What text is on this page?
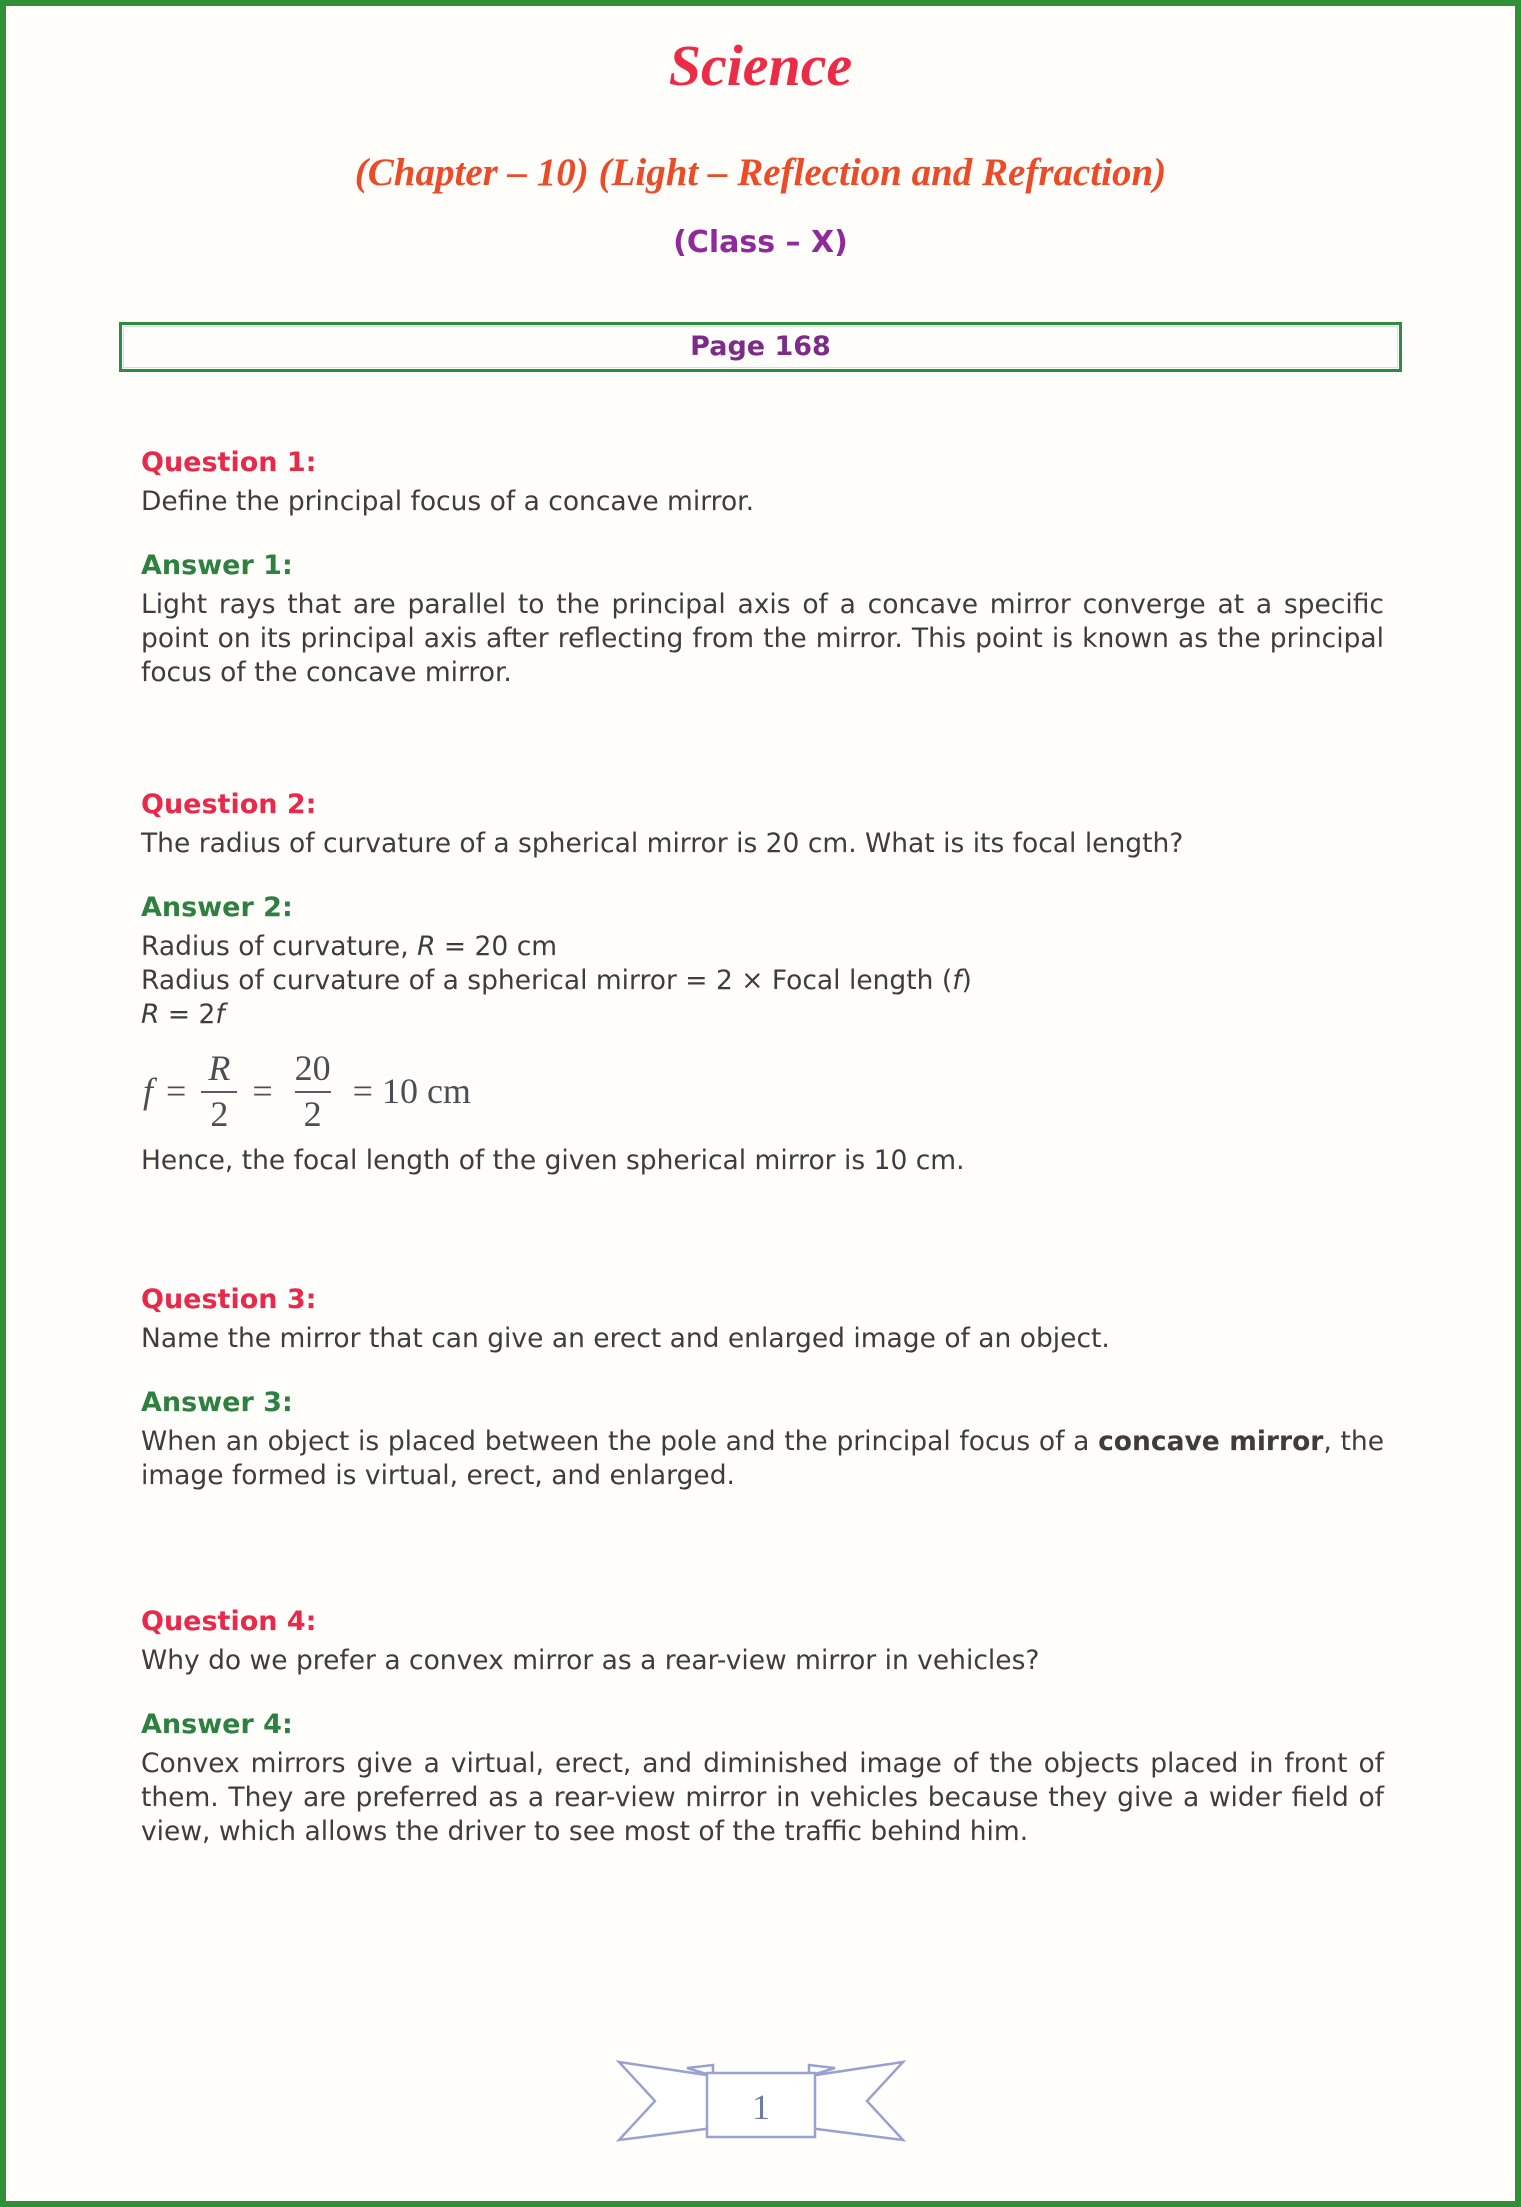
Science
(Chapter – 10) (Light – Reflection and Refraction)
(Class – X)
Page 168

Question 1:

Define the principal focus of a concave mirror.

Answer 1:

Light rays that are parallel to the principal axis of a concave mirror converge at a specific point on its principal axis after reflecting from the mirror. This point is known as the principal focus of the concave mirror.

Question 2:

The radius of curvature of a spherical mirror is 20 cm. What is its focal length?

Answer 2:

Radius of curvature, R = 20 cm

Radius of curvature of a spherical mirror = 2 × Focal length (f)

R = 2f

$f = \frac{R}{2} = \frac{20}{2} = 10$ cm

Hence, the focal length of the given spherical mirror is 10 cm.

Question 3:

Name the mirror that can give an erect and enlarged image of an object.

Answer 3:

When an object is placed between the pole and the principal focus of a concave mirror, the image formed is virtual, erect, and enlarged.

Question 4:

Why do we prefer a convex mirror as a rear-view mirror in vehicles?

Answer 4:

Convex mirrors give a virtual, erect, and diminished image of the objects placed in front of them. They are preferred as a rear-view mirror in vehicles because they give a wider field of view, which allows the driver to see most of the traffic behind him.

1
